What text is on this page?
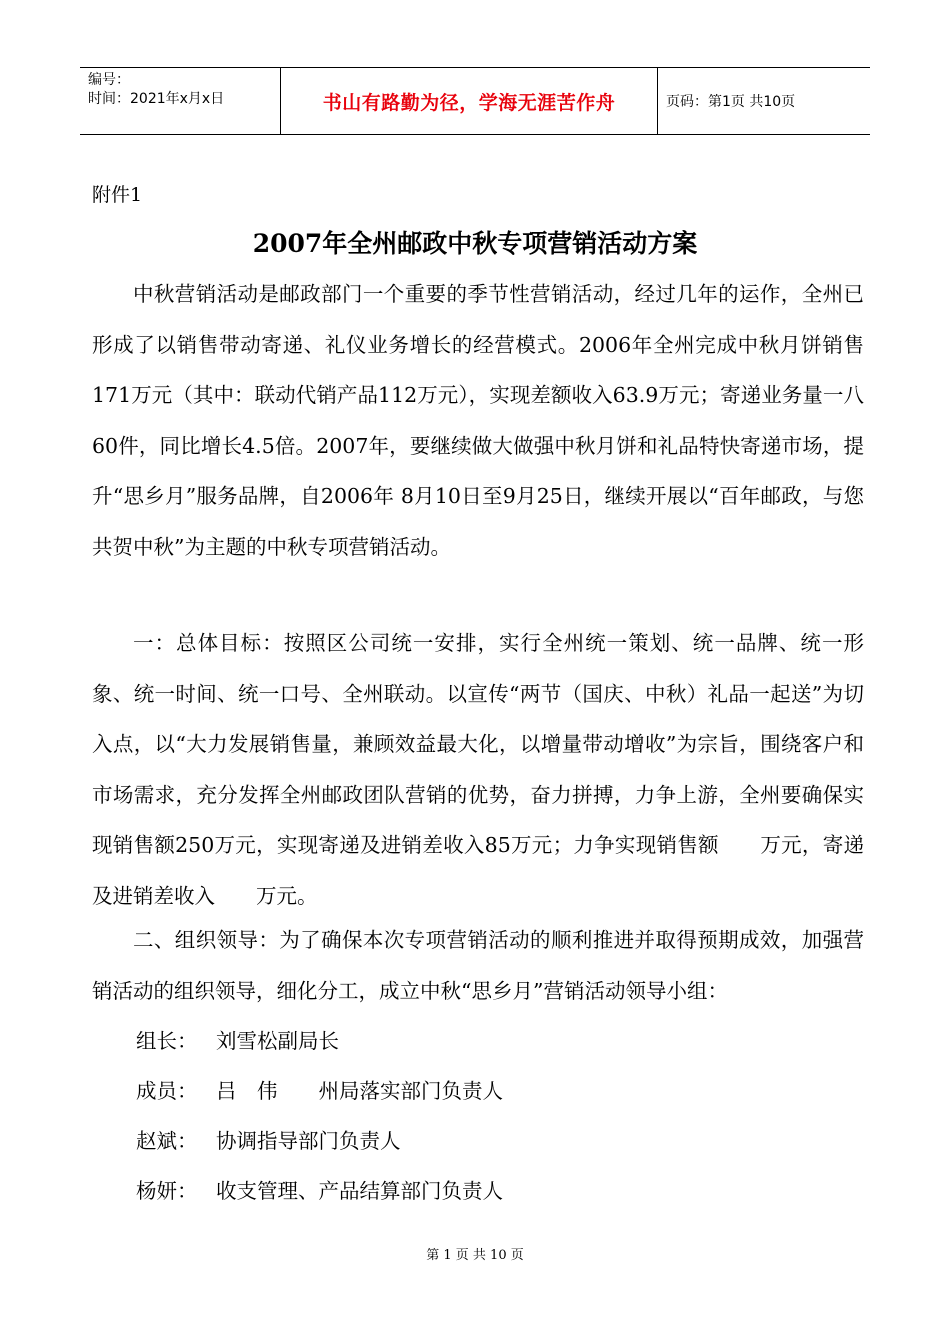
编号：
时间：2021年x月x日	书山有路勤为径，学海无涯苦作舟	页码：第1页 共10页
附件1
2007年全州邮政中秋专项营销活动方案

中秋营销活动是邮政部门一个重要的季节性营销活动，经过几年的运作，全州已形成了以销售带动寄递、礼仪业务增长的经营模式。2006年全州完成中秋月饼销售171万元（其中：联动代销产品112万元），实现差额收入63.9万元；寄递业务量一八60件，同比增长4.5倍。2007年，要继续做大做强中秋月饼和礼品特快寄递市场，提升“思乡月”服务品牌，自2006年 8月10日至9月25日，继续开展以“百年邮政，与您共贺中秋”为主题的中秋专项营销活动。

一：总体目标：按照区公司统一安排，实行全州统一策划、统一品牌、统一形象、统一时间、统一口号、全州联动。以宣传“两节（国庆、中秋）礼品一起送”为切入点，以“大力发展销售量，兼顾效益最大化，以增量带动增收”为宗旨，围绕客户和市场需求，充分发挥全州邮政团队营销的优势，奋力拼搏，力争上游，全州要确保实现销售额250万元，实现寄递及进销差收入85万元；力争实现销售额　　万元，寄递及进销差收入　　万元。

二、组织领导：为了确保本次专项营销活动的顺利推进并取得预期成效，加强营销活动的组织领导，细化分工，成立中秋“思乡月”营销活动领导小组：

组长： 刘雪松副局长
成员： 吕　伟　　州局落实部门负责人
赵斌： 协调指导部门负责人
杨妍： 收支管理、产品结算部门负责人
第 1 页 共 10 页
